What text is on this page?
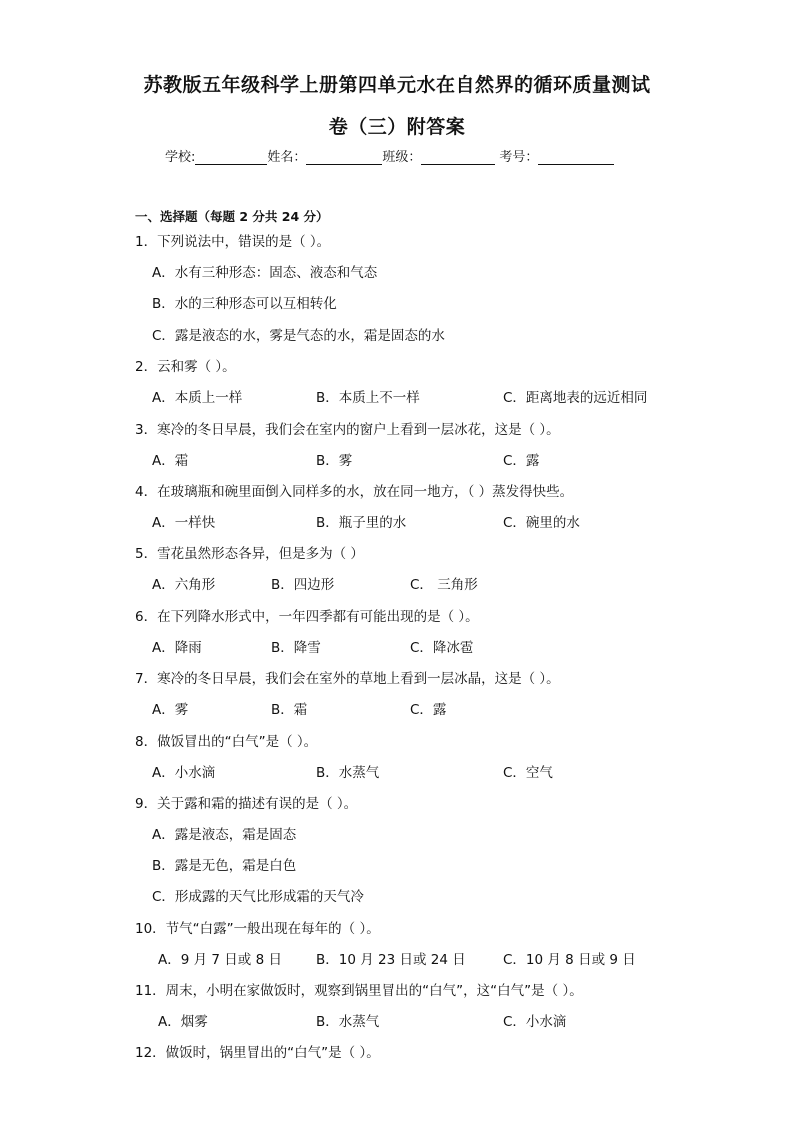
苏教版五年级科学上册第四单元水在自然界的循环质量测试
卷（三）附答案
学校:	姓名：	班级：	考号：
一、选择题（每题 2 分共 24 分）
1．下列说法中，错误的是（ ）。
A．水有三种形态：固态、液态和气态
B．水的三种形态可以互相转化
C．露是液态的水，雾是气态的水，霜是固态的水
2．云和雾（ ）。
A．本质上一样	B．本质上不一样	C．距离地表的远近相同
3．寒冷的冬日早晨，我们会在室内的窗户上看到一层冰花，这是（ ）。
A．霜	B．雾	C．露
4．在玻璃瓶和碗里面倒入同样多的水，放在同一地方，（ ）蒸发得快些。
A．一样快	B．瓶子里的水	C．碗里的水
5．雪花虽然形态各异，但是多为（ ）
A．六角形	B．四边形	C． 三角形
6．在下列降水形式中，一年四季都有可能出现的是（ ）。
A．降雨	B．降雪	C．降冰雹
7．寒冷的冬日早晨，我们会在室外的草地上看到一层冰晶，这是（ ）。
A．雾	B．霜	C．露
8．做饭冒出的“白气”是（ ）。
A．小水滴	B．水蒸气	C．空气
9．关于露和霜的描述有误的是（ ）。
A．露是液态，霜是固态
B．露是无色，霜是白色
C．形成露的天气比形成霜的天气冷
10．节气“白露”一般出现在每年的（ ）。
A．9 月 7 日或 8 日	B．10 月 23 日或 24 日	C．10 月 8 日或 9 日
11．周末，小明在家做饭时，观察到锅里冒出的“白气”，这“白气”是（ ）。
A．烟雾	B．水蒸气	C．小水滴
12．做饭时，锅里冒出的“白气”是（ ）。
